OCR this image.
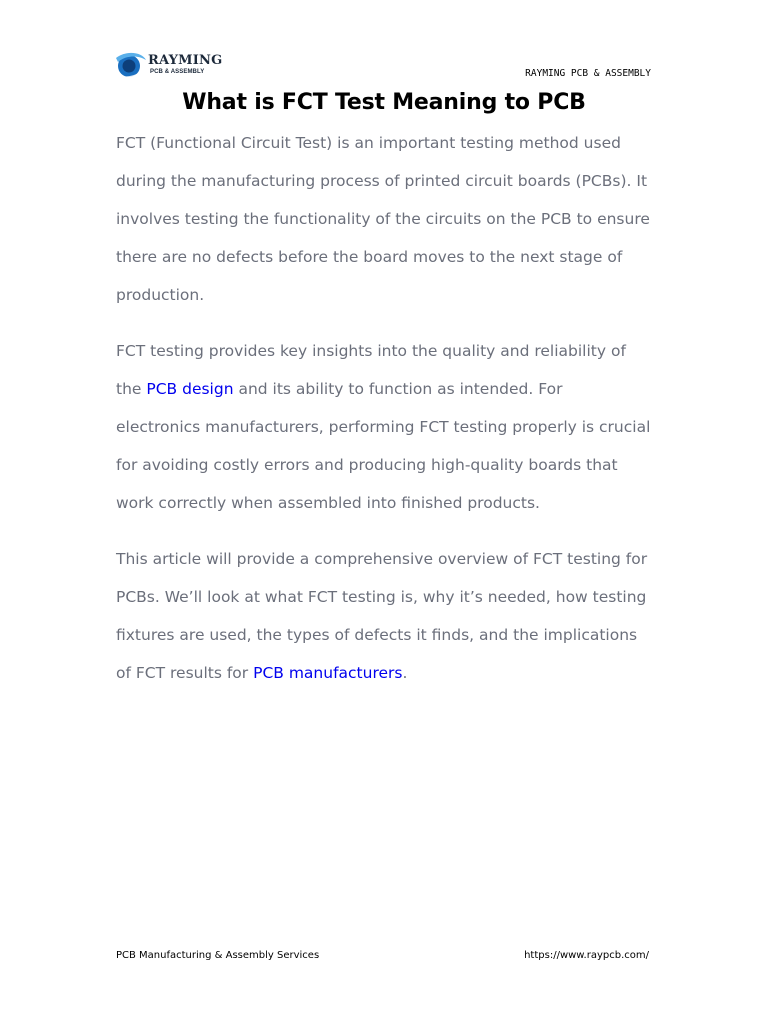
RAYMING
PCB & ASSEMBLY	RAYMING PCB & ASSEMBLY
What is FCT Test Meaning to PCB

FCT (Functional Circuit Test) is an important testing method used during the manufacturing process of printed circuit boards (PCBs). It involves testing the functionality of the circuits on the PCB to ensure there are no defects before the board moves to the next stage of production.

FCT testing provides key insights into the quality and reliability of the PCB design and its ability to function as intended. For electronics manufacturers, performing FCT testing properly is crucial for avoiding costly errors and producing high-quality boards that work correctly when assembled into finished products.

This article will provide a comprehensive overview of FCT testing for PCBs. We’ll look at what FCT testing is, why it’s needed, how testing fixtures are used, the types of defects it finds, and the implications of FCT results for PCB manufacturers.

PCB Manufacturing & Assembly Services	https://www.raypcb.com/
